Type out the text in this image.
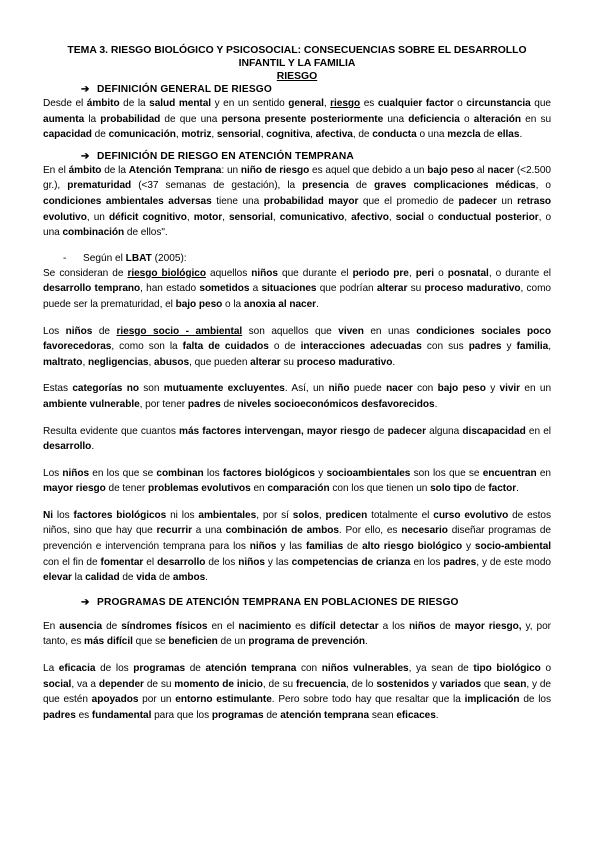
TEMA 3. RIESGO BIOLÓGICO Y PSICOSOCIAL: CONSECUENCIAS SOBRE EL DESARROLLO
INFANTIL Y LA FAMILIA
RIESGO
➔ DEFINICIÓN GENERAL DE RIESGO

Desde el ámbito de la salud mental y en un sentido general, riesgo es cualquier factor o circunstancia que aumenta la probabilidad de que una persona presente posteriormente una deficiencia o alteración en su capacidad de comunicación, motriz, sensorial, cognitiva, afectiva, de conducta o una mezcla de ellas.

➔ DEFINICIÓN DE RIESGO EN ATENCIÓN TEMPRANA

En el ámbito de la Atención Temprana: un niño de riesgo es aquel que debido a un bajo peso al nacer (<2.500 gr.), prematuridad (<37 semanas de gestación), la presencia de graves complicaciones médicas, o condiciones ambientales adversas tiene una probabilidad mayor que el promedio de padecer un retraso evolutivo, un déficit cognitivo, motor, sensorial, comunicativo, afectivo, social o conductual posterior, o una combinación de ellos".

- Según el LBAT (2005):

Se consideran de riesgo biológico aquellos niños que durante el periodo pre, peri o posnatal, o durante el desarrollo temprano, han estado sometidos a situaciones que podrían alterar su proceso madurativo, como puede ser la prematuridad, el bajo peso o la anoxia al nacer.

Los niños de riesgo socio - ambiental son aquellos que viven en unas condiciones sociales poco favorecedoras, como son la falta de cuidados o de interacciones adecuadas con sus padres y familia, maltrato, negligencias, abusos, que pueden alterar su proceso madurativo.

Estas categorías no son mutuamente excluyentes. Así, un niño puede nacer con bajo peso y vivir en un ambiente vulnerable, por tener padres de niveles socioeconómicos desfavorecidos.

Resulta evidente que cuantos más factores intervengan, mayor riesgo de padecer alguna discapacidad en el desarrollo.

Los niños en los que se combinan los factores biológicos y socioambientales son los que se encuentran en mayor riesgo de tener problemas evolutivos en comparación con los que tienen un solo tipo de factor.

Ni los factores biológicos ni los ambientales, por sí solos, predicen totalmente el curso evolutivo de estos niños, sino que hay que recurrir a una combinación de ambos. Por ello, es necesario diseñar programas de prevención e intervención temprana para los niños y las familias de alto riesgo biológico y socio-ambiental con el fin de fomentar el desarrollo de los niños y las competencias de crianza en los padres, y de este modo elevar la calidad de vida de ambos.

➔ PROGRAMAS DE ATENCIÓN TEMPRANA EN POBLACIONES DE RIESGO

En ausencia de síndromes físicos en el nacimiento es difícil detectar a los niños de mayor riesgo, y, por tanto, es más difícil que se beneficien de un programa de prevención.

La eficacia de los programas de atención temprana con niños vulnerables, ya sean de tipo biológico o social, va a depender de su momento de inicio, de su frecuencia, de lo sostenidos y variados que sean, y de que estén apoyados por un entorno estimulante. Pero sobre todo hay que resaltar que la implicación de los padres es fundamental para que los programas de atención temprana sean eficaces.
